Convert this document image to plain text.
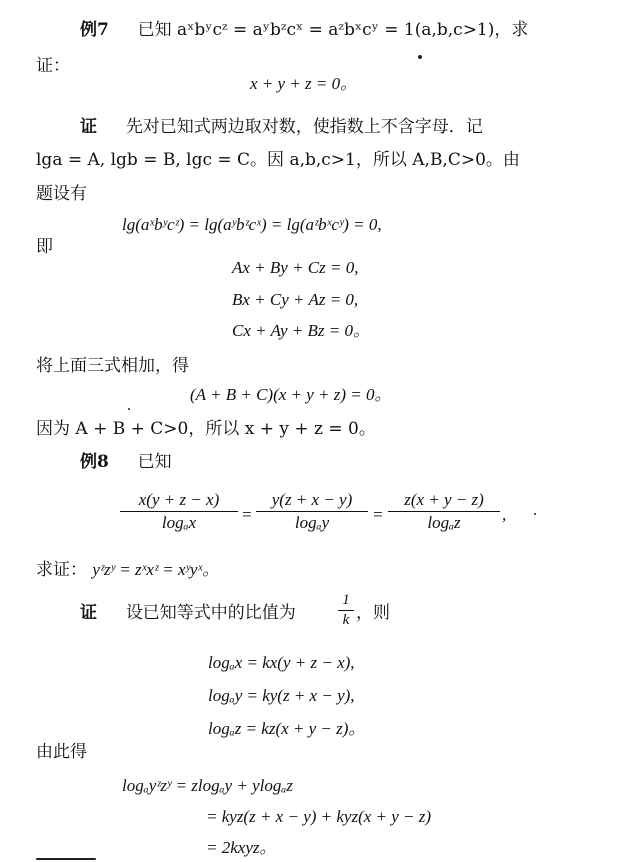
例7 已知 aˣbʸcᶻ = aʸbᶻcˣ = aᶻbˣcʸ = 1(a,b,c>1)，求
证：
x + y + z = 0。
证 先对已知式两边取对数，使指数上不含字母．记
lga = A, lgb = B, lgc = C。因 a,b,c>1，所以 A,B,C>0。由
题设有
lg(aˣbʸcᶻ) = lg(aʸbᶻcˣ) = lg(aᶻbˣcʸ) = 0,
即
Ax + By + Cz = 0,
Bx + Cy + Az = 0,
Cx + Ay + Bz = 0。
将上面三式相加，得
(A + B + C)(x + y + z) = 0。
因为 A + B + C>0，所以 x + y + z = 0。
例8 已知
$\frac{x(y + z - x)}{\text{logₐx}} = \frac{y(z + x - y)}{\text{logₐy}} = \frac{z(x + y - z)}{\text{logₐz}}$ ,
求证： yᶻzʸ = zˣxᶻ = xʸyˣ。
证 设已知等式中的比值为	$\frac{1}{k}$ ，则
logₐx = kx(y + z − x),
logₐy = ky(z + x − y),
logₐz = kz(x + y − z)。
由此得
logₐyᶻzʸ = zlogₐy + ylogₐz
= kyz(z + x − y) + kyz(x + y − z)
= 2kxyz。
